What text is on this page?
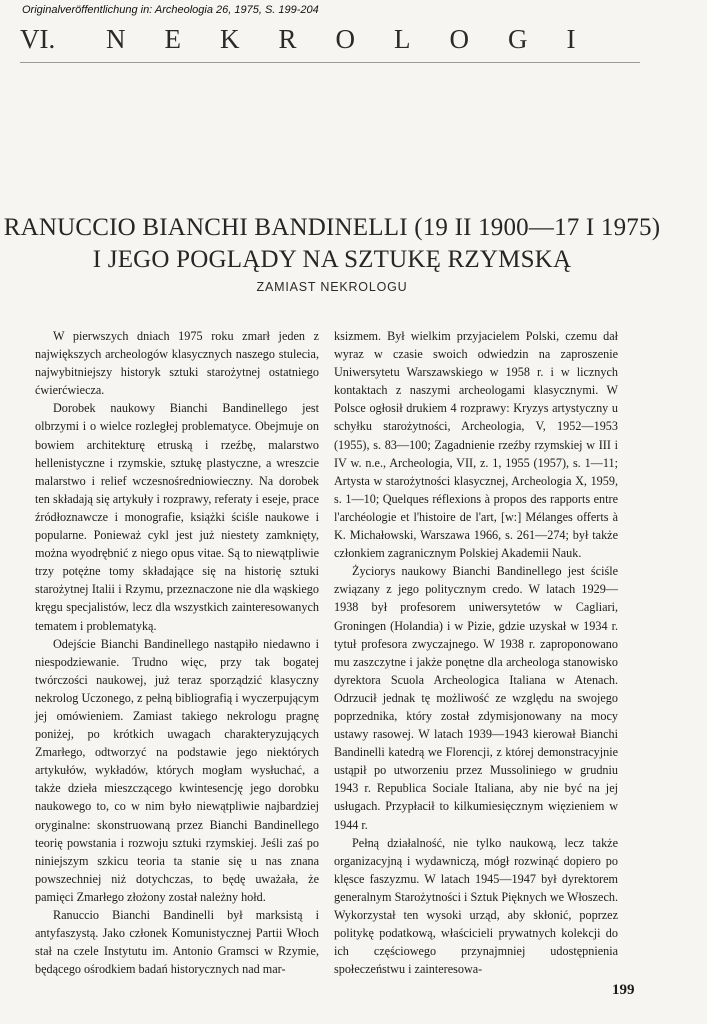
Originalveröffentlichung in: Archeologia 26, 1975, S. 199-204
VI. NEKROLOGI
RANUCCIO BIANCHI BANDINELLI (19 II 1900—17 I 1975)
I JEGO POGLĄDY NA SZTUKĘ RZYMSKĄ
ZAMIAST NEKROLOGU

W pierwszych dniach 1975 roku zmarł jeden z największych archeologów klasycznych naszego stulecia, najwybitniejszy historyk sztuki starożytnej ostatniego ćwierćwiecza.

Dorobek naukowy Bianchi Bandinellego jest olbrzymi i o wielce rozległej problematyce. Obejmuje on bowiem architekturę etruską i rzeźbę, malarstwo hellenistyczne i rzymskie, sztukę plastyczne, a wreszcie malarstwo i relief wczesnośredniowieczny. Na dorobek ten składają się artykuły i rozprawy, referaty i eseje, prace źródłoznawcze i monografie, książki ściśle naukowe i popularne. Ponieważ cykl jest już niestety zamknięty, można wyodrębnić z niego opus vitae. Są to niewątpliwie trzy potężne tomy składające się na historię sztuki starożytnej Italii i Rzymu, przeznaczone nie dla wąskiego kręgu specjalistów, lecz dla wszystkich zainteresowanych tematem i problematyką.

Odejście Bianchi Bandinellego nastąpiło niedawno i niespodziewanie. Trudno więc, przy tak bogatej twórczości naukowej, już teraz sporządzić klasyczny nekrolog Uczonego, z pełną bibliografią i wyczerpującym jej omówieniem. Zamiast takiego nekrologu pragnę poniżej, po krótkich uwagach charakteryzujących Zmarłego, odtworzyć na podstawie jego niektórych artykułów, wykładów, których mogłam wysłuchać, a także dzieła mieszczącego kwintesencję jego dorobku naukowego to, co w nim było niewątpliwie najbardziej oryginalne: skonstruowaną przez Bianchi Bandinellego teorię powstania i rozwoju sztuki rzymskiej. Jeśli zaś po niniejszym szkicu teoria ta stanie się u nas znana powszechniej niż dotychczas, to będę uważała, że pamięci Zmarłego złożony został należny hołd.

Ranuccio Bianchi Bandinelli był marksistą i antyfaszystą. Jako członek Komunistycznej Partii Włoch stał na czele Instytutu im. Antonio Gramsci w Rzymie, będącego ośrodkiem badań historycznych nad mar-

ksizmem. Był wielkim przyjacielem Polski, czemu dał wyraz w czasie swoich odwiedzin na zaproszenie Uniwersytetu Warszawskiego w 1958 r. i w licznych kontaktach z naszymi archeologami klasycznymi. W Polsce ogłosił drukiem 4 rozprawy: Kryzys artystyczny u schyłku starożytności, Archeologia, V, 1952—1953 (1955), s. 83—100; Zagadnienie rzeźby rzymskiej w III i IV w. n.e., Archeologia, VII, z. 1, 1955 (1957), s. 1—11; Artysta w starożytności klasycznej, Archeologia X, 1959, s. 1—10; Quelques réflexions à propos des rapports entre l'archéologie et l'histoire de l'art, [w:] Mélanges offerts à K. Michałowski, Warszawa 1966, s. 261—274; był także członkiem zagranicznym Polskiej Akademii Nauk.

Życiorys naukowy Bianchi Bandinellego jest ściśle związany z jego politycznym credo. W latach 1929—1938 był profesorem uniwersytetów w Cagliari, Groningen (Holandia) i w Pizie, gdzie uzyskał w 1934 r. tytuł profesora zwyczajnego. W 1938 r. zaproponowano mu zaszczytne i jakże ponętne dla archeologa stanowisko dyrektora Scuola Archeologica Italiana w Atenach. Odrzucił jednak tę możliwość ze względu na swojego poprzednika, który został zdymisjonowany na mocy ustawy rasowej. W latach 1939—1943 kierował Bianchi Bandinelli katedrą we Florencji, z której demonstracyjnie ustąpił po utworzeniu przez Mussoliniego w grudniu 1943 r. Republica Sociale Italiana, aby nie być na jej usługach. Przypłacił to kilkumiesięcznym więzieniem w 1944 r.

Pełną działalność, nie tylko naukową, lecz także organizacyjną i wydawniczą, mógł rozwinąć dopiero po klęsce faszyzmu. W latach 1945—1947 był dyrektorem generalnym Starożytności i Sztuk Pięknych we Włoszech. Wykorzystał ten wysoki urząd, aby skłonić, poprzez politykę podatkową, właścicieli prywatnych kolekcji do ich częściowego przynajmniej udostępnienia społeczeństwu i zainteresowa-

199
